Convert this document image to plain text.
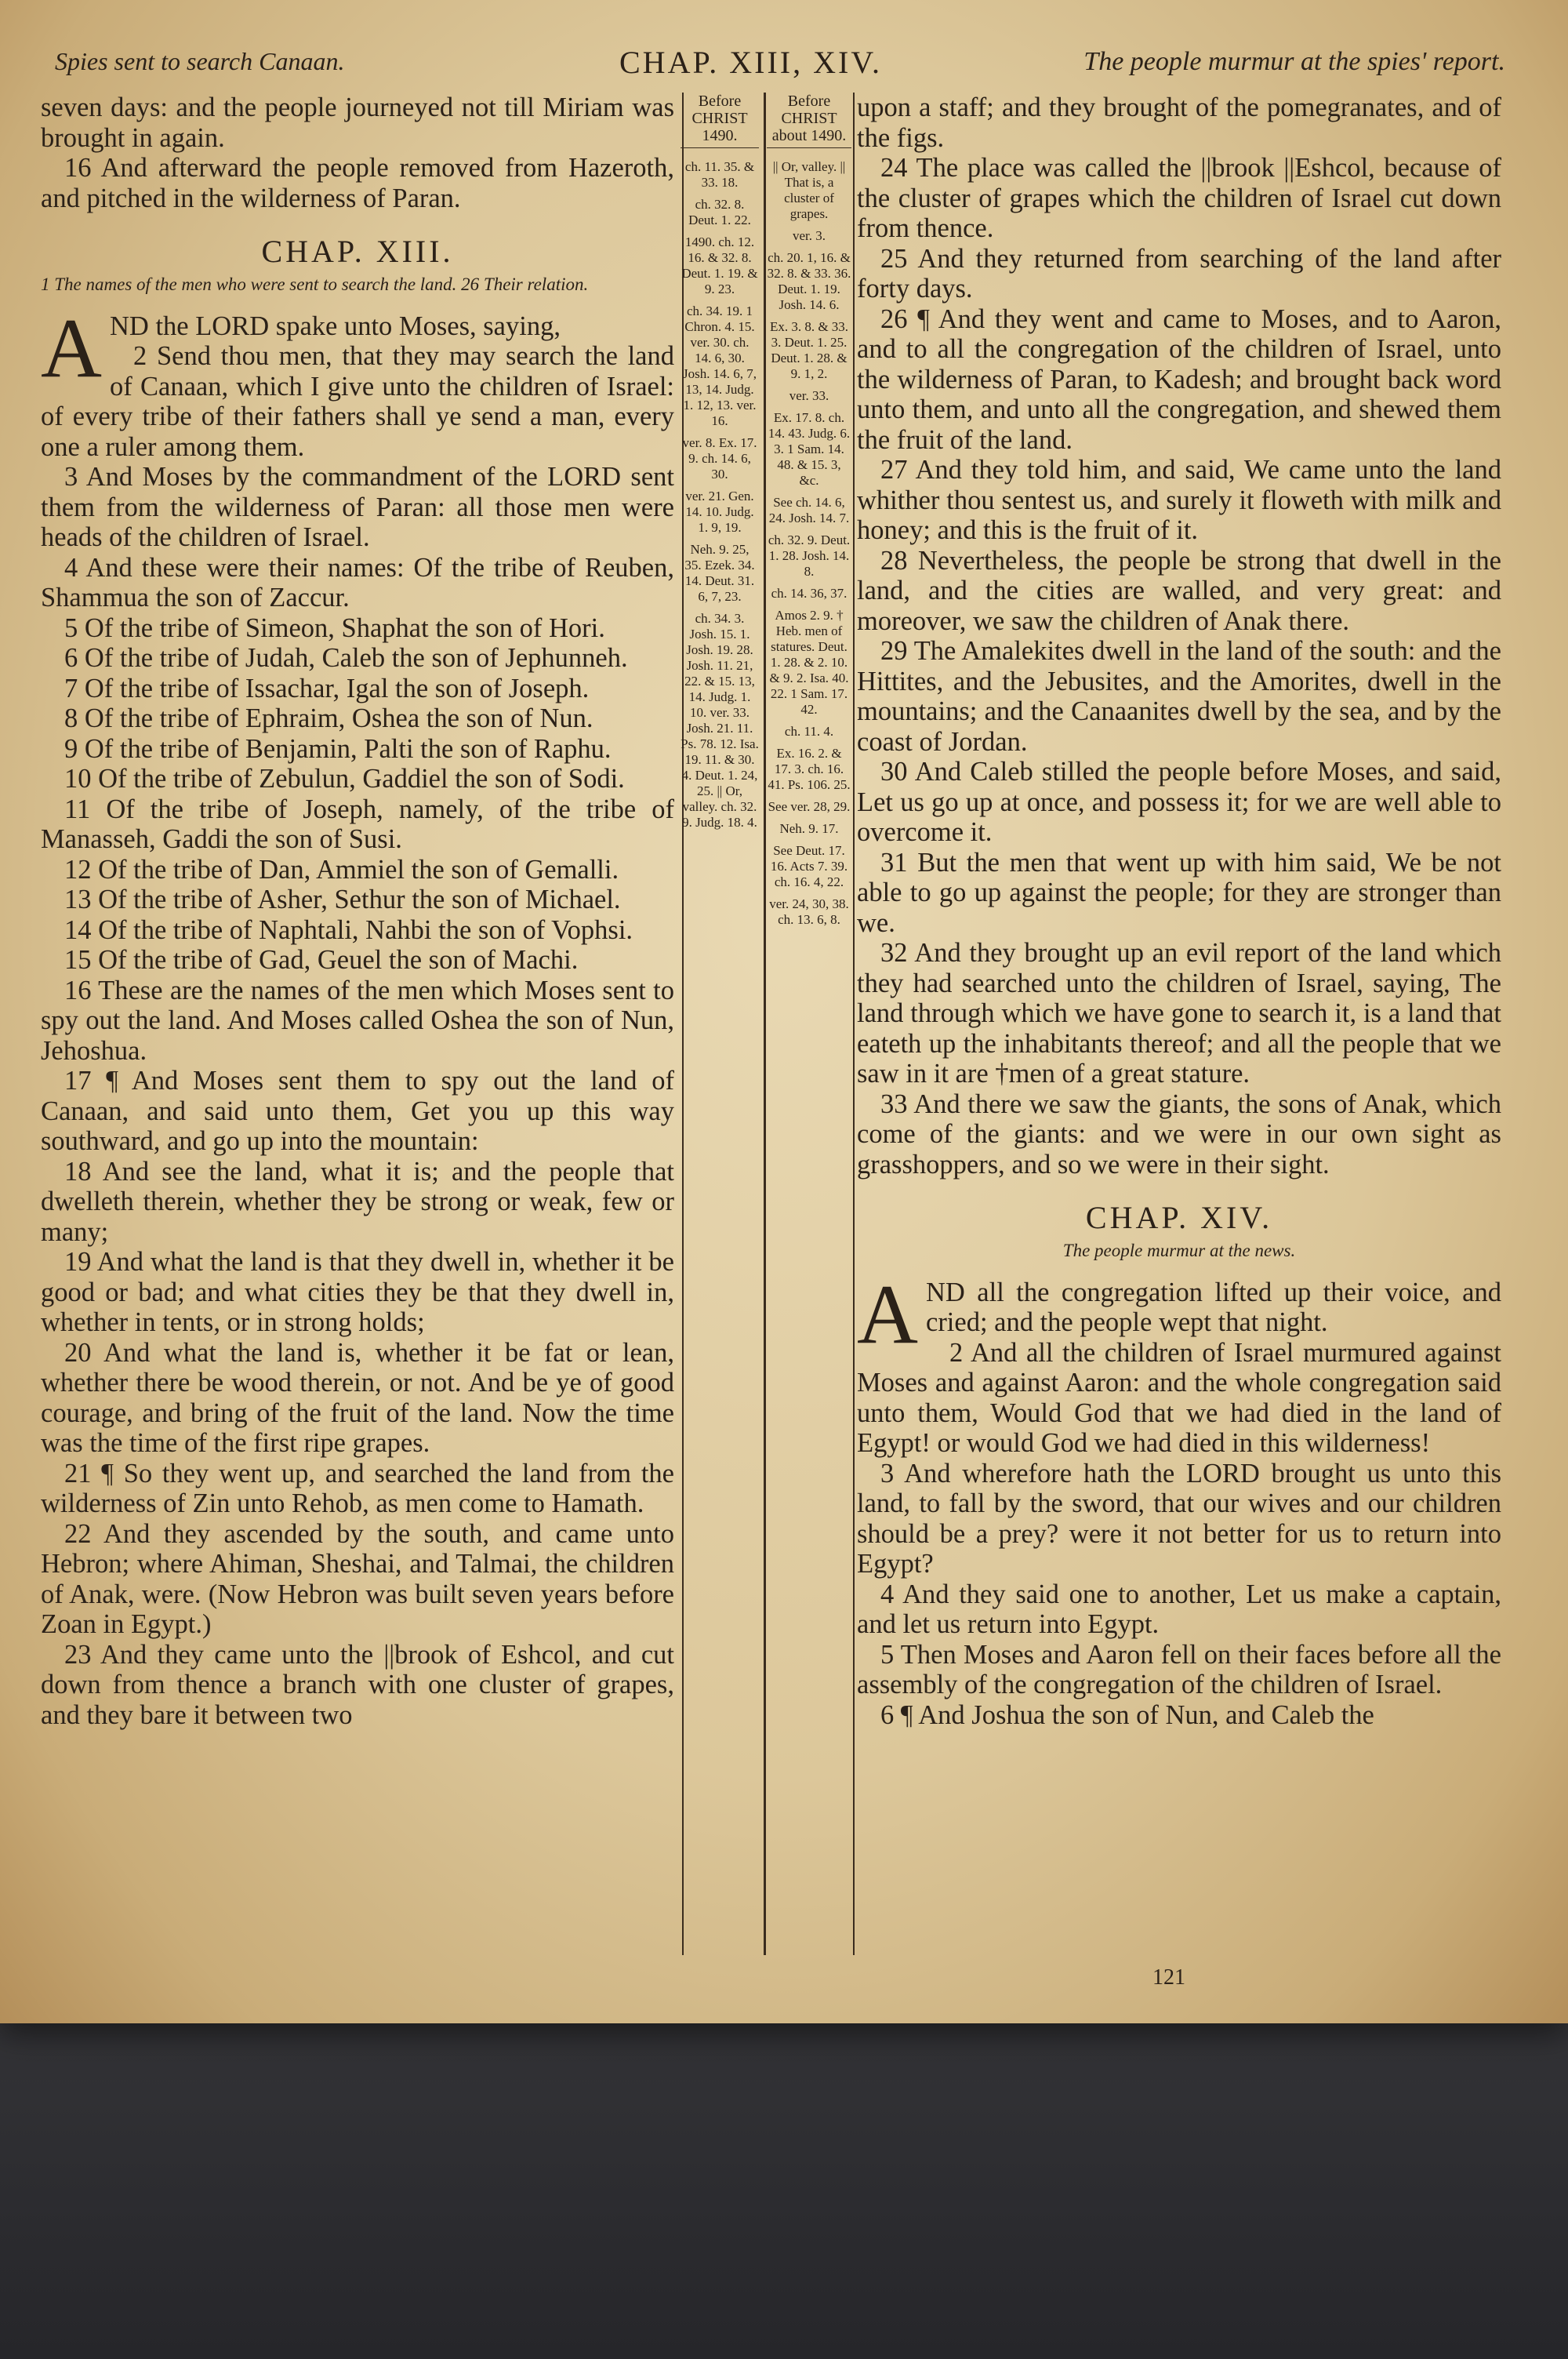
Spies sent to search Canaan.	CHAP. XIII, XIV.	The people murmur at the spies' report.

seven days: and the people journeyed not till Miriam was brought in again.

16 And afterward the people removed from Hazeroth, and pitched in the wilderness of Paran.

CHAP. XIII.
1 The names of the men who were sent to search the land. 26 Their relation.

AND the LORD spake unto Moses, saying,

2 Send thou men, that they may search the land of Canaan, which I give unto the children of Israel: of every tribe of their fathers shall ye send a man, every one a ruler among them.

3 And Moses by the commandment of the LORD sent them from the wilderness of Paran: all those men were heads of the children of Israel.

4 And these were their names: Of the tribe of Reuben, Shammua the son of Zaccur.

5 Of the tribe of Simeon, Shaphat the son of Hori.

6 Of the tribe of Judah, Caleb the son of Jephunneh.

7 Of the tribe of Issachar, Igal the son of Joseph.

8 Of the tribe of Ephraim, Oshea the son of Nun.

9 Of the tribe of Benjamin, Palti the son of Raphu.

10 Of the tribe of Zebulun, Gaddiel the son of Sodi.

11 Of the tribe of Joseph, namely, of the tribe of Manasseh, Gaddi the son of Susi.

12 Of the tribe of Dan, Ammiel the son of Gemalli.

13 Of the tribe of Asher, Sethur the son of Michael.

14 Of the tribe of Naphtali, Nahbi the son of Vophsi.

15 Of the tribe of Gad, Geuel the son of Machi.

16 These are the names of the men which Moses sent to spy out the land. And Moses called Oshea the son of Nun, Jehoshua.

17 ¶ And Moses sent them to spy out the land of Canaan, and said unto them, Get you up this way southward, and go up into the mountain:

18 And see the land, what it is; and the people that dwelleth therein, whether they be strong or weak, few or many;

19 And what the land is that they dwell in, whether it be good or bad; and what cities they be that they dwell in, whether in tents, or in strong holds;

20 And what the land is, whether it be fat or lean, whether there be wood therein, or not. And be ye of good courage, and bring of the fruit of the land. Now the time was the time of the first ripe grapes.

21 ¶ So they went up, and searched the land from the wilderness of Zin unto Rehob, as men come to Hamath.

22 And they ascended by the south, and came unto Hebron; where Ahiman, Sheshai, and Talmai, the children of Anak, were. (Now Hebron was built seven years before Zoan in Egypt.)

23 And they came unto the ||brook of Eshcol, and cut down from thence a branch with one cluster of grapes, and they bare it between two

Before CHRIST 1490.
ch. 11. 35. & 33. 18.
ch. 32. 8. Deut. 1. 22.
1490. ch. 12. 16. & 32. 8. Deut. 1. 19. & 9. 23.
ch. 34. 19. 1 Chron. 4. 15. ver. 30. ch. 14. 6, 30. Josh. 14. 6, 7, 13, 14. Judg. 1. 12, 13. ver. 16.
ver. 8. Ex. 17. 9. ch. 14. 6, 30.
ver. 21. Gen. 14. 10. Judg. 1. 9, 19.
Neh. 9. 25, 35. Ezek. 34. 14. Deut. 31. 6, 7, 23.
ch. 34. 3. Josh. 15. 1. Josh. 19. 28. Josh. 11. 21, 22. & 15. 13, 14. Judg. 1. 10. ver. 33. Josh. 21. 11. Ps. 78. 12. Isa. 19. 11. & 30. 4. Deut. 1. 24, 25. || Or, valley. ch. 32. 9. Judg. 18. 4.
Before CHRIST about 1490.
|| Or, valley. || That is, a cluster of grapes.
ver. 3.
ch. 20. 1, 16. & 32. 8. & 33. 36. Deut. 1. 19. Josh. 14. 6.
Ex. 3. 8. & 33. 3. Deut. 1. 25. Deut. 1. 28. & 9. 1, 2.
ver. 33.
Ex. 17. 8. ch. 14. 43. Judg. 6. 3. 1 Sam. 14. 48. & 15. 3, &c.
See ch. 14. 6, 24. Josh. 14. 7.
ch. 32. 9. Deut. 1. 28. Josh. 14. 8.
ch. 14. 36, 37.
Amos 2. 9. † Heb. men of statures. Deut. 1. 28. & 2. 10. & 9. 2. Isa. 40. 22. 1 Sam. 17. 42.
ch. 11. 4.
Ex. 16. 2. & 17. 3. ch. 16. 41. Ps. 106. 25.
See ver. 28, 29.
Neh. 9. 17.
See Deut. 17. 16. Acts 7. 39. ch. 16. 4, 22.
ver. 24, 30, 38. ch. 13. 6, 8.

upon a staff; and they brought of the pomegranates, and of the figs.

24 The place was called the ||brook ||Eshcol, because of the cluster of grapes which the children of Israel cut down from thence.

25 And they returned from searching of the land after forty days.

26 ¶ And they went and came to Moses, and to Aaron, and to all the congregation of the children of Israel, unto the wilderness of Paran, to Kadesh; and brought back word unto them, and unto all the congregation, and shewed them the fruit of the land.

27 And they told him, and said, We came unto the land whither thou sentest us, and surely it floweth with milk and honey; and this is the fruit of it.

28 Nevertheless, the people be strong that dwell in the land, and the cities are walled, and very great: and moreover, we saw the children of Anak there.

29 The Amalekites dwell in the land of the south: and the Hittites, and the Jebusites, and the Amorites, dwell in the mountains; and the Canaanites dwell by the sea, and by the coast of Jordan.

30 And Caleb stilled the people before Moses, and said, Let us go up at once, and possess it; for we are well able to overcome it.

31 But the men that went up with him said, We be not able to go up against the people; for they are stronger than we.

32 And they brought up an evil report of the land which they had searched unto the children of Israel, saying, The land through which we have gone to search it, is a land that eateth up the inhabitants thereof; and all the people that we saw in it are †men of a great stature.

33 And there we saw the giants, the sons of Anak, which come of the giants: and we were in our own sight as grasshoppers, and so we were in their sight.

CHAP. XIV.
The people murmur at the news.

AND all the congregation lifted up their voice, and cried; and the people wept that night.

2 And all the children of Israel murmured against Moses and against Aaron: and the whole congregation said unto them, Would God that we had died in the land of Egypt! or would God we had died in this wilderness!

3 And wherefore hath the LORD brought us unto this land, to fall by the sword, that our wives and our children should be a prey? were it not better for us to return into Egypt?

4 And they said one to another, Let us make a captain, and let us return into Egypt.

5 Then Moses and Aaron fell on their faces before all the assembly of the congregation of the children of Israel.

6 ¶ And Joshua the son of Nun, and Caleb the

121
